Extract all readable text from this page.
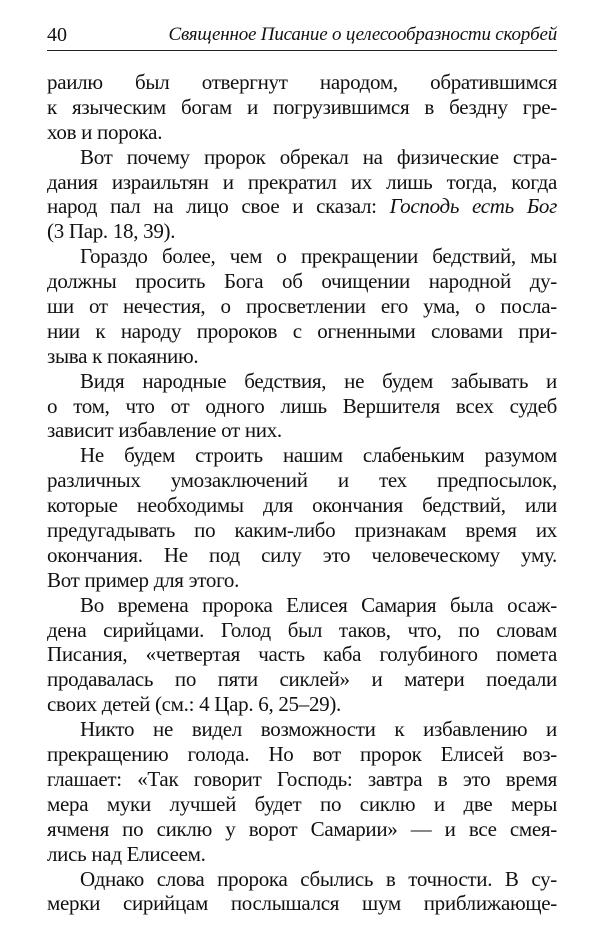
40	Священное Писание о целесообразности скорбей
раилю был отвергнут народом, обратившимся
к языческим богам и погрузившимся в бездну гре-
хов и порока.
Вот почему пророк обрекал на физические стра-
дания израильтян и прекратил их лишь тогда, когда
народ пал на лицо свое и сказал: Господь есть Бог
(3 Пар. 18, 39).
Гораздо более, чем о прекращении бедствий, мы
должны просить Бога об очищении народной ду-
ши от нечестия, о просветлении его ума, о посла-
нии к народу пророков с огненными словами при-
зыва к покаянию.
Видя народные бедствия, не будем забывать и
о том, что от одного лишь Вершителя всех судеб
зависит избавление от них.
Не будем строить нашим слабеньким разумом
различных умозаключений и тех предпосылок,
которые необходимы для окончания бедствий, или
предугадывать по каким-либо признакам время их
окончания. Не под силу это человеческому уму.
Вот пример для этого.
Во времена пророка Елисея Самария была осаж-
дена сирийцами. Голод был таков, что, по словам
Писания, «четвертая часть каба голубиного помета
продавалась по пяти сиклей» и матери поедали
своих детей (см.: 4 Цар. 6, 25–29).
Никто не видел возможности к избавлению и
прекращению голода. Но вот пророк Елисей воз-
глашает: «Так говорит Господь: завтра в это время
мера муки лучшей будет по сиклю и две меры
ячменя по сиклю у ворот Самарии» — и все смея-
лись над Елисеем.
Однако слова пророка сбылись в точности. В су-
мерки сирийцам послышался шум приближающе-
